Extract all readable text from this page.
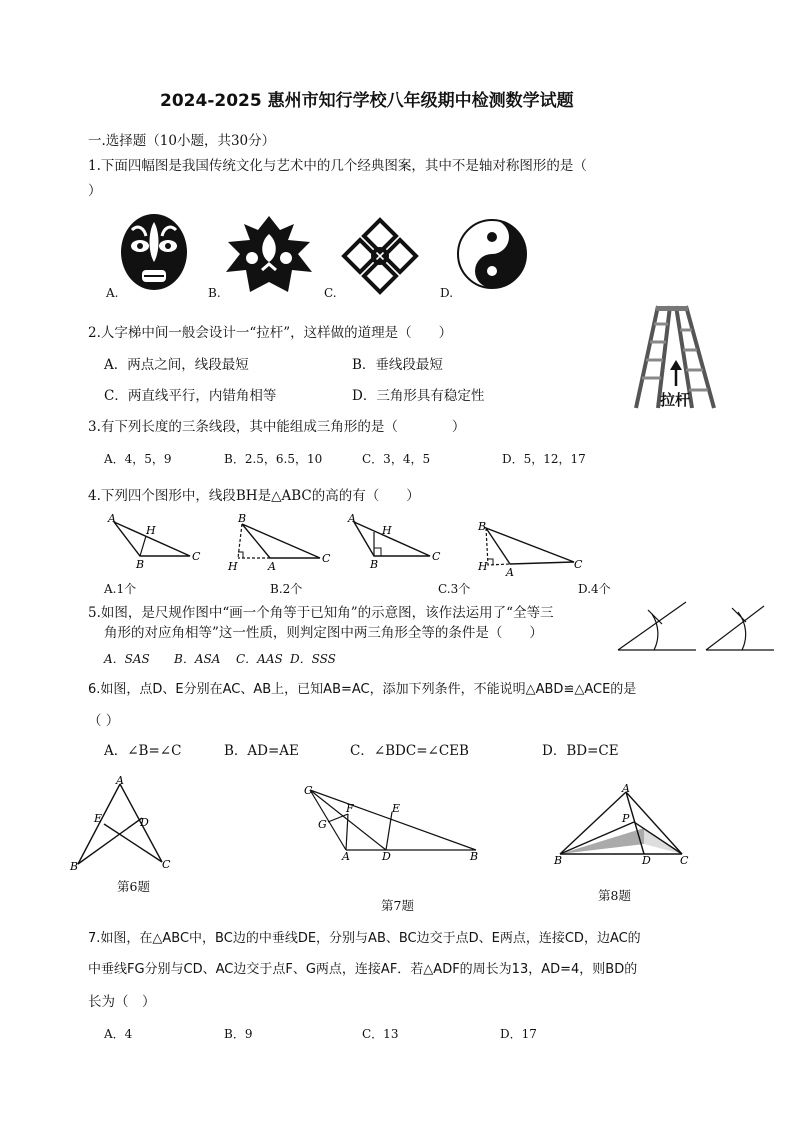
2024-2025 惠州市知行学校八年级期中检测数学试题
一.选择题（10小题，共30分）
1.下面四幅图是我国传统文化与艺术中的几个经典图案，其中不是轴对称图形的是（
）
A.	B.	C.	D.
2.人字梯中间一般会设计一“拉杆”，这样做的道理是（　　）
A．两点之间，线段最短	B．垂线段最短
C．两直线平行，内错角相等	D．三角形具有稳定性	拉杆
3.有下列长度的三条线段，其中能组成三角形的是（　　　　）
A．4，5，9	B．2.5，6.5，10	C．3，4，5	D．5，12，17
4.下列四个图形中，线段BH是△ABC的高的有（　　）
A
H
C
B
B
A
C
H
A
H
C
B
B
H A
C
A.1个	B.2个	C.3个	D.4个
5.如图，是尺规作图中“画一个角等于已知角”的示意图，该作法运用了“全等三
角形的对应角相等”这一性质，则判定图中两三角形全等的条件是（　　）
A．SAS B．ASA C．AAS D．SSS
6.如图，点D、E分别在AC、AB上，已知AB=AC，添加下列条件，不能说明△ABD≌△ACE的是
（ ）
A．∠B=∠C	B．AD=AE	C．∠BDC=∠CEB	D．BD=CE
A
E	D
B	C
第6题
C
E
F
G
A	D	B
第7题
A
P
B	D	C
第8题
7.如图，在△ABC中，BC边的中垂线DE，分别与AB、BC边交于点D、E两点，连接CD，边AC的
中垂线FG分别与CD、AC边交于点F、G两点，连接AF．若△ADF的周长为13，AD=4，则BD的
长为（　）
A．4	B．9	C．13	D．17
